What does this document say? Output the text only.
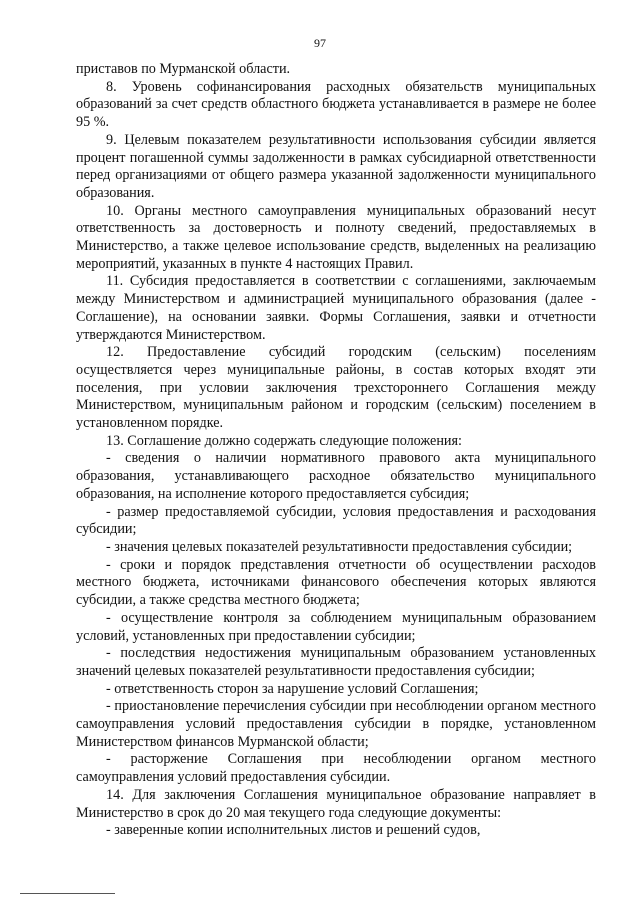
97

приставов по Мурманской области.

8. Уровень софинансирования расходных обязательств муниципальных образований за счет средств областного бюджета устанавливается в размере не более 95 %.

9. Целевым показателем результативности использования субсидии является процент погашенной суммы задолженности в рамках субсидиарной ответственности перед организациями от общего размера указанной задолженности муниципального образования.

10. Органы местного самоуправления муниципальных образований несут ответственность за достоверность и полноту сведений, предоставляемых в Министерство, а также целевое использование средств, выделенных на реализацию мероприятий, указанных в пункте 4 настоящих Правил.

11. Субсидия предоставляется в соответствии с соглашениями, заключаемым между Министерством и администрацией муниципального образования (далее - Соглашение), на основании заявки. Формы Соглашения, заявки и отчетности утверждаются Министерством.

12. Предоставление субсидий городским (сельским) поселениям осуществляется через муниципальные районы, в состав которых входят эти поселения, при условии заключения трехстороннего Соглашения между Министерством, муниципальным районом и городским (сельским) поселением в установленном порядке.

13. Соглашение должно содержать следующие положения:

- сведения о наличии нормативного правового акта муниципального образования, устанавливающего расходное обязательство муниципального образования, на исполнение которого предоставляется субсидия;

- размер предоставляемой субсидии, условия предоставления и расходования субсидии;

- значения целевых показателей результативности предоставления субсидии;

- сроки и порядок представления отчетности об осуществлении расходов местного бюджета, источниками финансового обеспечения которых являются субсидии, а также средства местного бюджета;

- осуществление контроля за соблюдением муниципальным образованием условий, установленных при предоставлении субсидии;

- последствия недостижения муниципальным образованием установленных значений целевых показателей результативности предоставления субсидии;

- ответственность сторон за нарушение условий Соглашения;

- приостановление перечисления субсидии при несоблюдении органом местного самоуправления условий предоставления субсидии в порядке, установленном Министерством финансов Мурманской области;

- расторжение Соглашения при несоблюдении органом местного самоуправления условий предоставления субсидии.

14. Для заключения Соглашения муниципальное образование направляет в Министерство в срок до 20 мая текущего года следующие документы:

- заверенные копии исполнительных листов и решений судов,
